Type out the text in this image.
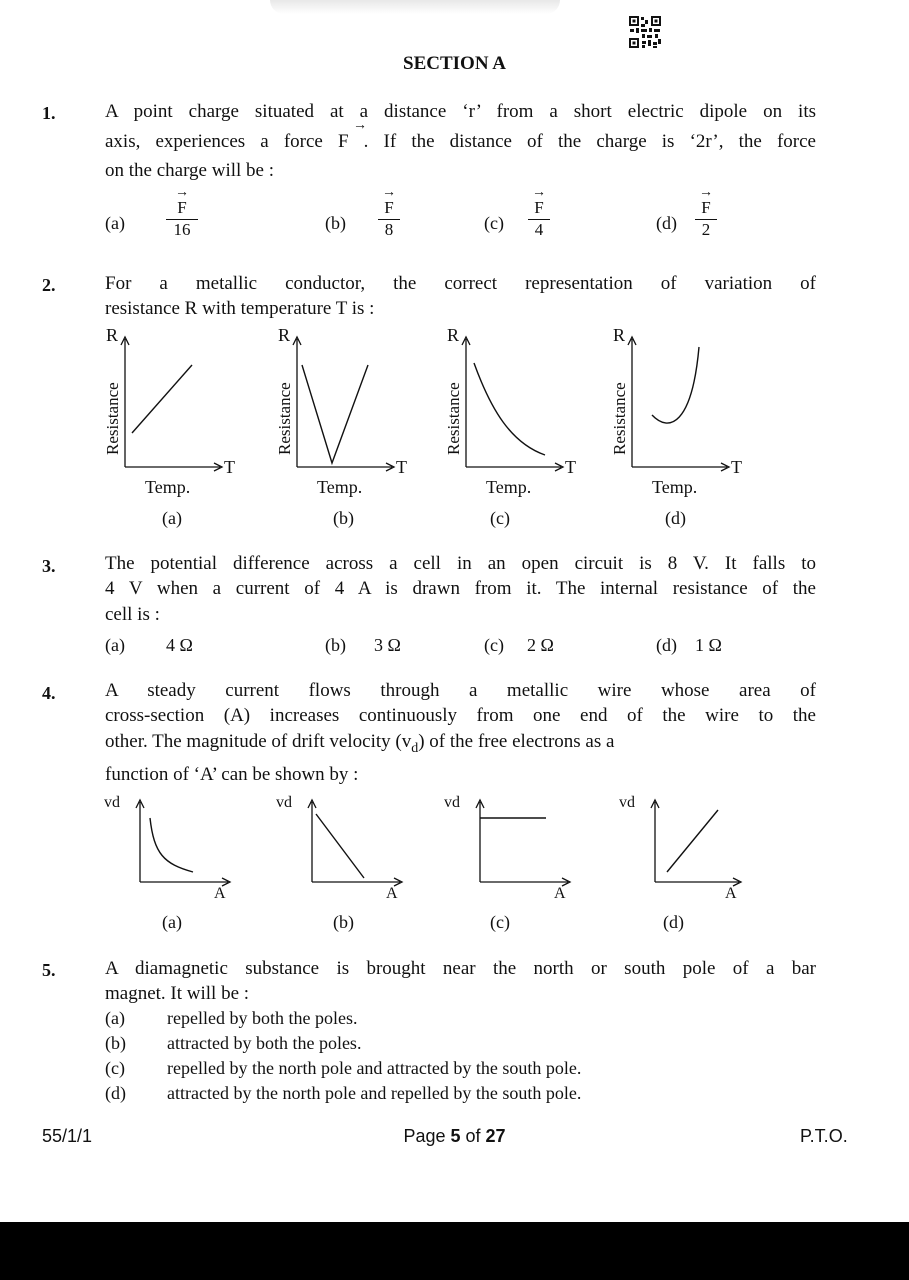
SECTION A
1.	A point charge situated at a distance ‘r’ from a short electric dipole on its
axis, experiences a force F . If the distance of the charge is ‘2r’, the force
→
on the charge will be :
(a)
→
F
16	(b)
→
F
8	(c)
→
F
4	(d)
→
F
2
2.	For a metallic conductor, the correct representation of variation of
resistance R with temperature T is :
R
Resistance
T
Temp.
(a)
R
Resistance
T
Temp.
(b)
R
Resistance
T
Temp.
(c)
R
Resistance
T
Temp.
(d)
3.	The potential difference across a cell in an open circuit is 8 V. It falls to
4 V when a current of 4 A is drawn from it. The internal resistance of the
cell is :
(a) 4 Ω	(b) 3 Ω	(c) 2 Ω	(d) 1 Ω
4.	A steady current flows through a metallic wire whose area of
cross-section (A) increases continuously from one end of the wire to the
other. The magnitude of drift velocity $(v_d)$ of the free electrons as a
function of ‘A’ can be shown by :
vd
A
(a)
vd
A
(b)
vd
A
(c)
vd
A
(d)
5.	A diamagnetic substance is brought near the north or south pole of a bar
magnet. It will be :
(a) repelled by both the poles.
(b) attracted by both the poles.
(c) repelled by the north pole and attracted by the south pole.
(d) attracted by the north pole and repelled by the south pole.
55/1/1	Page 5 of 27	P.T.O.
